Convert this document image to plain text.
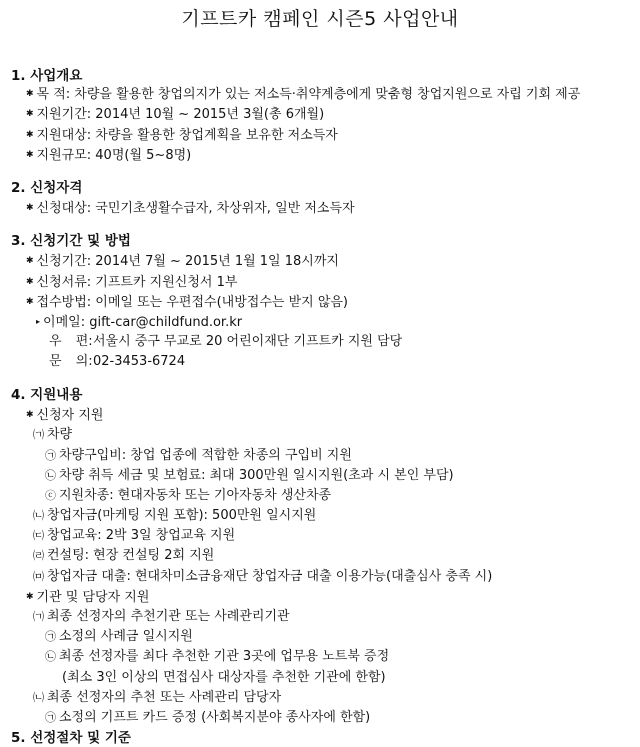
기프트카 캠페인 시즌5 사업안내
1. 사업개요
✱ 목 적: 차량을 활용한 창업의지가 있는 저소득·취약계층에게 맞춤형 창업지원으로 자립 기회 제공
✱ 지원기간: 2014년 10월 ~ 2015년 3월(총 6개월)
✱ 지원대상: 차량을 활용한 창업계획을 보유한 저소득자
✱ 지원규모: 40명(월 5~8명)
2. 신청자격
✱ 신청대상: 국민기초생활수급자, 차상위자, 일반 저소득자
3. 신청기간 및 방법
✱ 신청기간: 2014년 7월 ~ 2015년 1월 1일 18시까지
✱ 신청서류: 기프트카 지원신청서 1부
✱ 접수방법: 이메일 또는 우편접수(내방접수는 받지 않음)
▸ 이메일: gift-car@childfund.or.kr
우 편:서울시 중구 무교로 20 어린이재단 기프트카 지원 담당
문 의:02-3453-6724
4. 지원내용
✱ 신청자 지원
㈀ 차량
㉠ 차량구입비: 창업 업종에 적합한 차종의 구입비 지원
㉡ 차량 취득 세금 및 보험료: 최대 300만원 일시지원(초과 시 본인 부담)
ⓒ 지원차종: 현대자동차 또는 기아자동차 생산차종
㈁ 창업자금(마케팅 지원 포함): 500만원 일시지원
㈂ 창업교육: 2박 3일 창업교육 지원
㈃ 컨설팅: 현장 컨설팅 2회 지원
㈄ 창업자금 대출: 현대차미소금융재단 창업자금 대출 이용가능(대출심사 충족 시)
✱ 기관 및 담당자 지원
㈀ 최종 선정자의 추천기관 또는 사례관리기관
㉠ 소정의 사례금 일시지원
㉡ 최종 선정자를 최다 추천한 기관 3곳에 업무용 노트북 증정
(최소 3인 이상의 면접심사 대상자를 추천한 기관에 한함)
㈁ 최종 선정자의 추천 또는 사례관리 담당자
㉠ 소정의 기프트 카드 증정 (사회복지분야 종사자에 한함)
5. 선정절차 및 기준
